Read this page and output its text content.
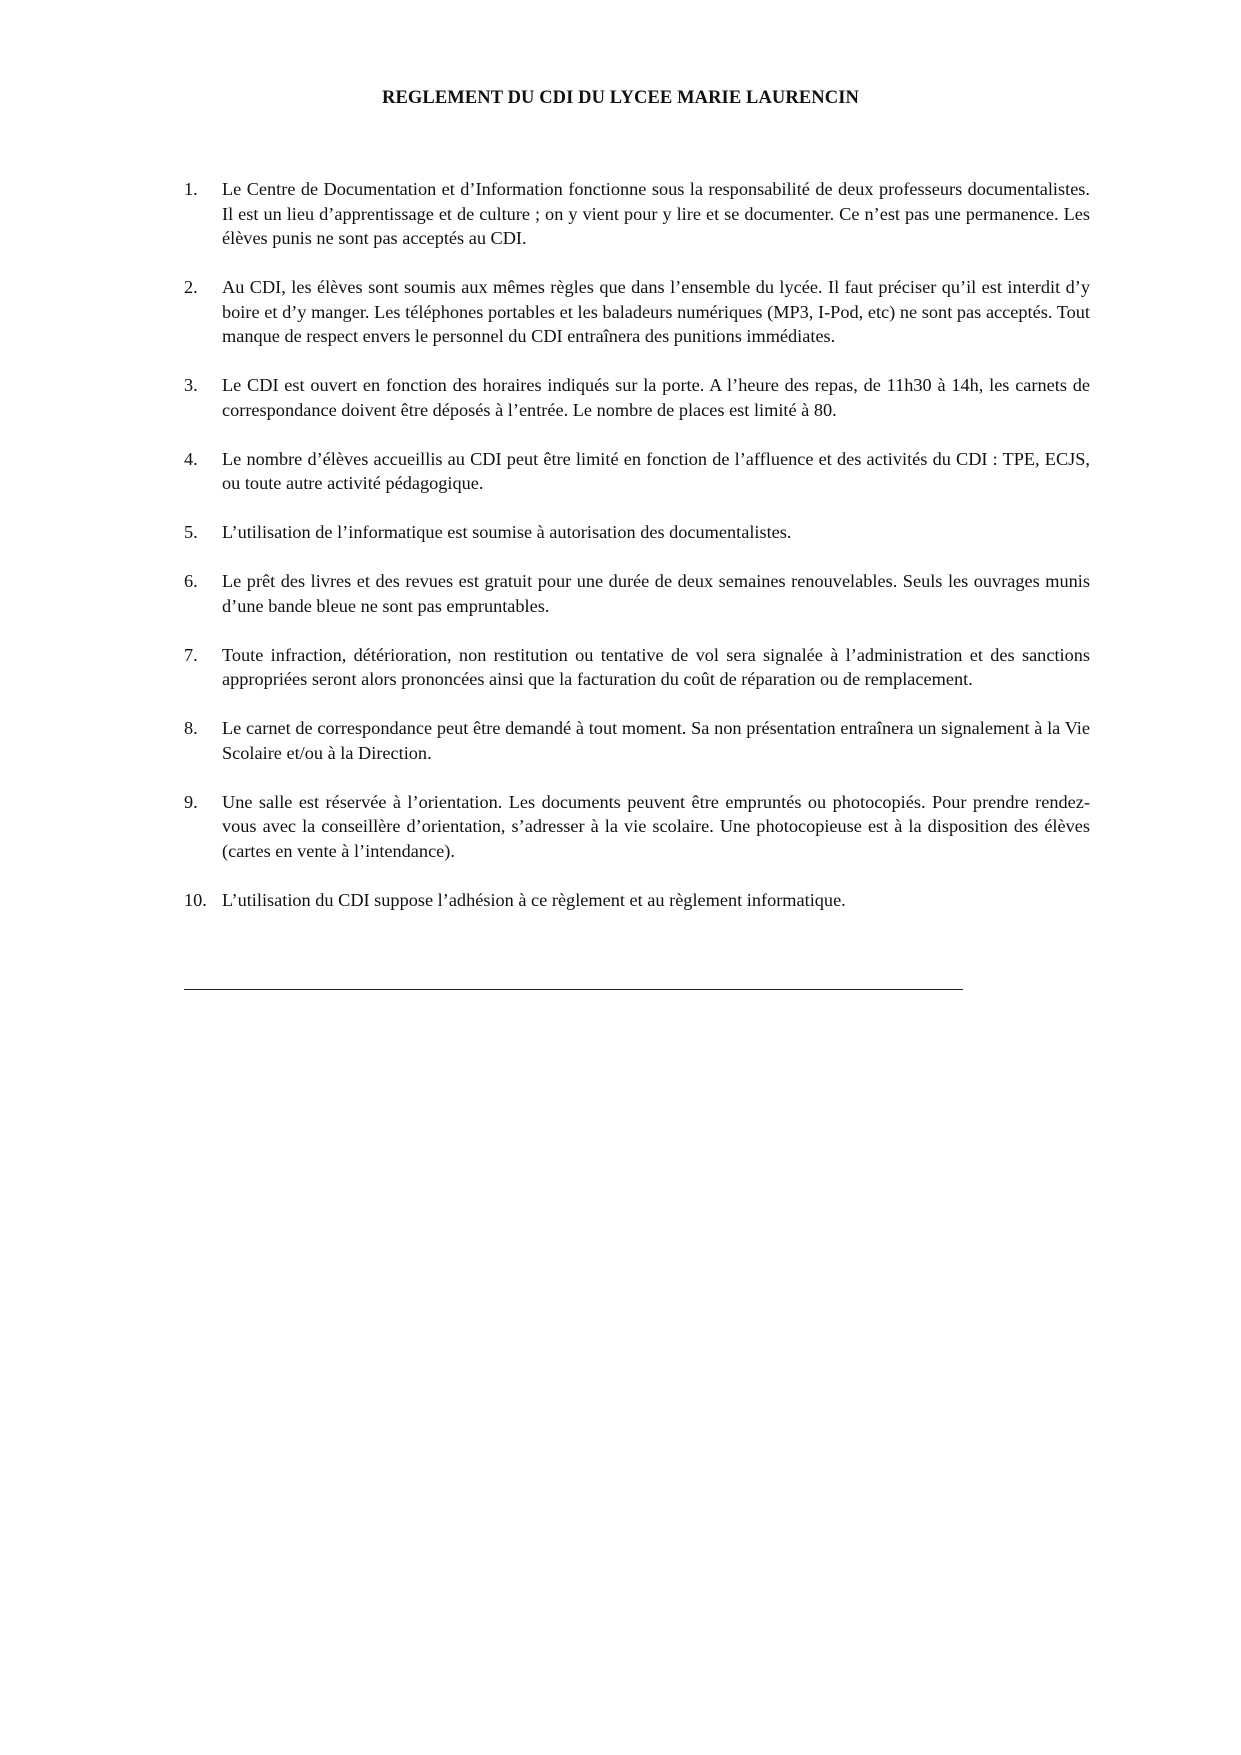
REGLEMENT DU CDI DU LYCEE MARIE LAURENCIN
1.	Le Centre de Documentation et d’Information fonctionne sous la responsabilité de deux professeurs documentalistes. Il est un lieu d’apprentissage et de culture ; on y vient pour y lire et se documenter. Ce n’est pas une permanence. Les élèves punis ne sont pas acceptés au CDI.
2.	Au CDI, les élèves sont soumis aux mêmes règles que dans l’ensemble du lycée. Il faut préciser qu’il est interdit d’y boire et d’y manger. Les téléphones portables et les baladeurs numériques (MP3, I-Pod, etc) ne sont pas acceptés. Tout manque de respect envers le personnel du CDI entraînera des punitions immédiates.
3.	Le CDI est ouvert en fonction des horaires indiqués sur la porte. A l’heure des repas, de 11h30 à 14h, les carnets de correspondance doivent être déposés à l’entrée. Le nombre de places est limité à 80.
4.	Le nombre d’élèves accueillis au CDI peut être limité en fonction de l’affluence et des activités du CDI : TPE, ECJS, ou toute autre activité pédagogique.
5.	L’utilisation de l’informatique est soumise à autorisation des documentalistes.
6.	Le prêt des livres et des revues est gratuit pour une durée de deux semaines renouvelables. Seuls les ouvrages munis d’une bande bleue ne sont pas empruntables.
7.	Toute infraction, détérioration, non restitution ou tentative de vol sera signalée à l’administration et des sanctions appropriées seront alors prononcées ainsi que la facturation du coût de réparation ou de remplacement.
8.	Le carnet de correspondance peut être demandé à tout moment. Sa non présentation entraînera un signalement à la Vie Scolaire et/ou à la Direction.
9.	Une salle est réservée à l’orientation. Les documents peuvent être empruntés ou photocopiés. Pour prendre rendez-vous avec la conseillère d’orientation, s’adresser à la vie scolaire. Une photocopieuse est à la disposition des élèves (cartes en vente à l’intendance).
10. L’utilisation du CDI suppose l’adhésion à ce règlement et au règlement informatique.
